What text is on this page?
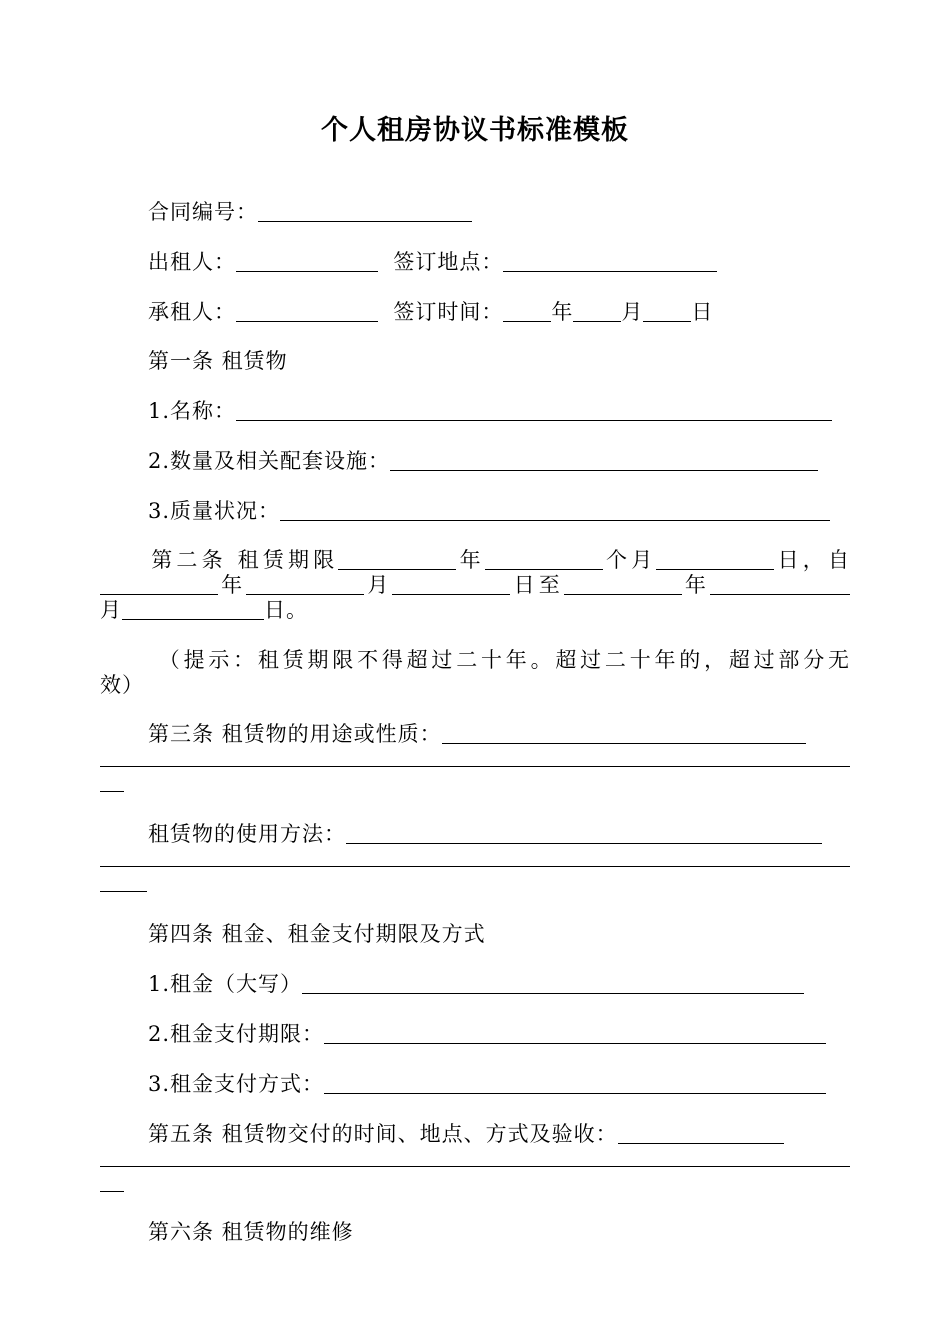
个人租房协议书标准模板
合同编号：
出租人：	签订地点：
承租人：	签订时间： 年 月 日
第一条 租赁物
1.名称：
2.数量及相关配套设施：
3.质量状况：
第二条 租赁期限	年	个月	日，自
年	月	日至	年
月	日。
（提示：租赁期限不得超过二十年。超过二十年的，超过部分无
效）
第三条 租赁物的用途或性质：
租赁物的使用方法：
第四条 租金、租金支付期限及方式
1.租金（大写）
2.租金支付期限：
3.租金支付方式：
第五条 租赁物交付的时间、地点、方式及验收：
第六条 租赁物的维修
